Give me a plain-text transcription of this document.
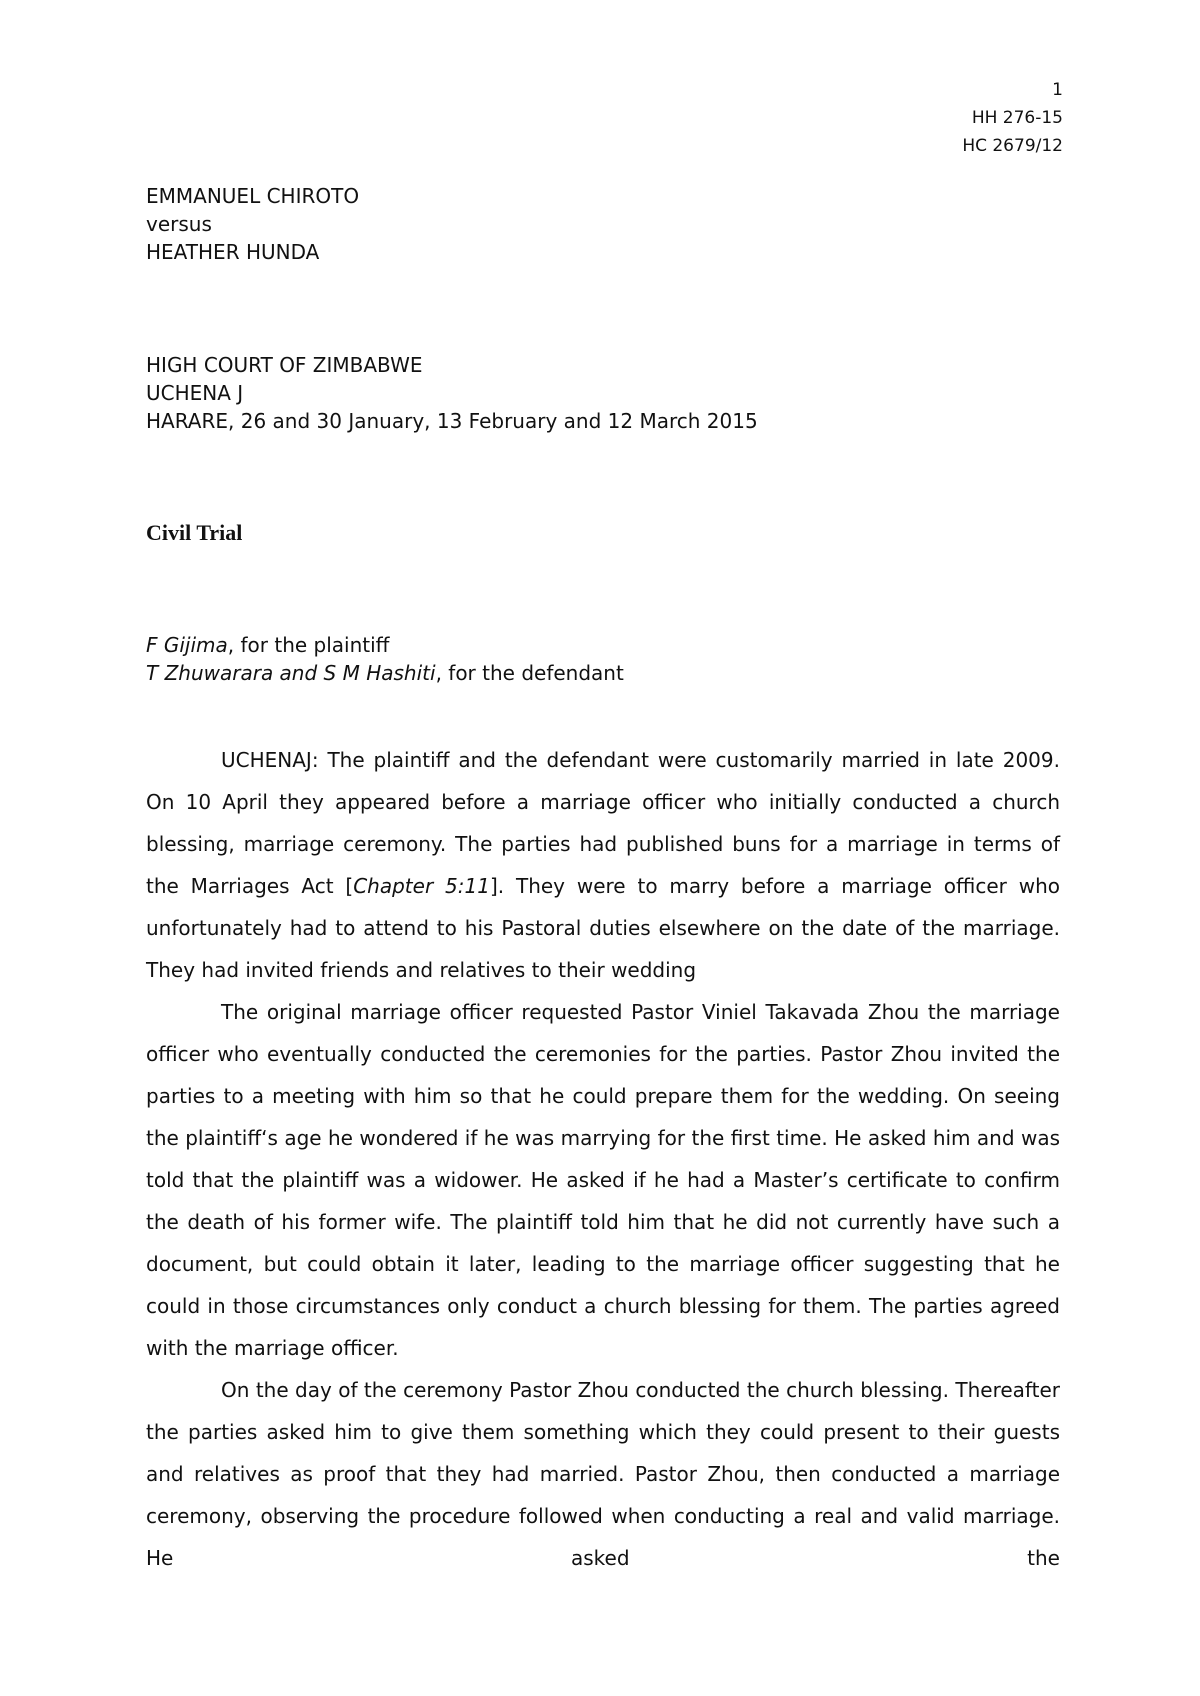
1
HH 276-15
HC 2679/12
EMMANUEL CHIROTO
versus
HEATHER HUNDA
HIGH COURT OF ZIMBABWE
UCHENA J
HARARE, 26 and 30 January, 13 February and 12 March 2015
Civil Trial
F Gijima, for the plaintiff
T Zhuwarara and S M Hashiti, for the defendant

UCHENAJ: The plaintiff and the defendant were customarily married in late 2009. On 10 April they appeared before a marriage officer who initially conducted a church blessing, marriage ceremony. The parties had published buns for a marriage in terms of the Marriages Act [Chapter 5:11]. They were to marry before a marriage officer who unfortunately had to attend to his Pastoral duties elsewhere on the date of the marriage. They had invited friends and relatives to their wedding

The original marriage officer requested Pastor Viniel Takavada Zhou the marriage officer who eventually conducted the ceremonies for the parties. Pastor Zhou invited the parties to a meeting with him so that he could prepare them for the wedding. On seeing the plaintiff‘s age he wondered if he was marrying for the first time. He asked him and was told that the plaintiff was a widower. He asked if he had a Master’s certificate to confirm the death of his former wife. The plaintiff told him that he did not currently have such a document, but could obtain it later, leading to the marriage officer suggesting that he could in those circumstances only conduct a church blessing for them. The parties agreed with the marriage officer.

On the day of the ceremony Pastor Zhou conducted the church blessing. Thereafter the parties asked him to give them something which they could present to their guests and relatives as proof that they had married. Pastor Zhou, then conducted a marriage ceremony, observing the procedure followed when conducting a real and valid marriage. He asked the
